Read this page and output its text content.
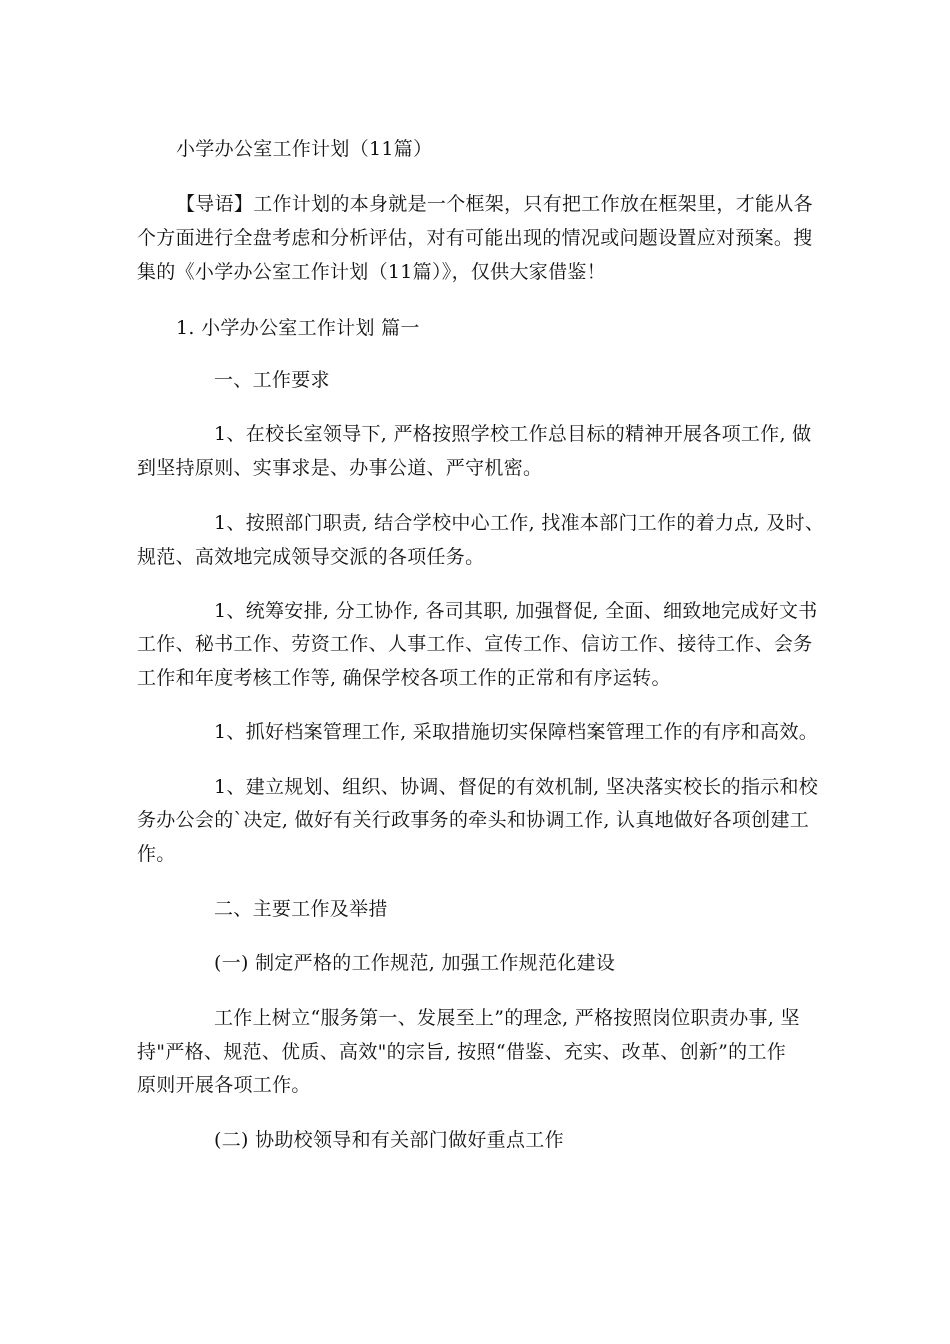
小学办公室工作计划（11篇）
【导语】工作计划的本身就是一个框架，只有把工作放在框架里，才能从各
个方面进行全盘考虑和分析评估，对有可能出现的情况或问题设置应对预案。搜
集的《小学办公室工作计划（11篇）》，仅供大家借鉴！
1. 小学办公室工作计划 篇一
一、工作要求
1、在校长室领导下, 严格按照学校工作总目标的精神开展各项工作, 做
到坚持原则、实事求是、办事公道、严守机密。
1、按照部门职责, 结合学校中心工作, 找准本部门工作的着力点, 及时、
规范、高效地完成领导交派的各项任务。
1、统筹安排, 分工协作, 各司其职, 加强督促, 全面、细致地完成好文书
工作、秘书工作、劳资工作、人事工作、宣传工作、信访工作、接待工作、会务
工作和年度考核工作等, 确保学校各项工作的正常和有序运转。
1、抓好档案管理工作, 采取措施切实保障档案管理工作的有序和高效。
1、建立规划、组织、协调、督促的有效机制, 坚决落实校长的指示和校
务办公会的`决定, 做好有关行政事务的牵头和协调工作, 认真地做好各项创建工
作。
二、主要工作及举措
(一) 制定严格的工作规范, 加强工作规范化建设
工作上树立“服务第一、发展至上”的理念, 严格按照岗位职责办事, 坚
持"严格、规范、优质、高效"的宗旨, 按照“借鉴、充实、改革、创新”的工作
原则开展各项工作。
(二) 协助校领导和有关部门做好重点工作
